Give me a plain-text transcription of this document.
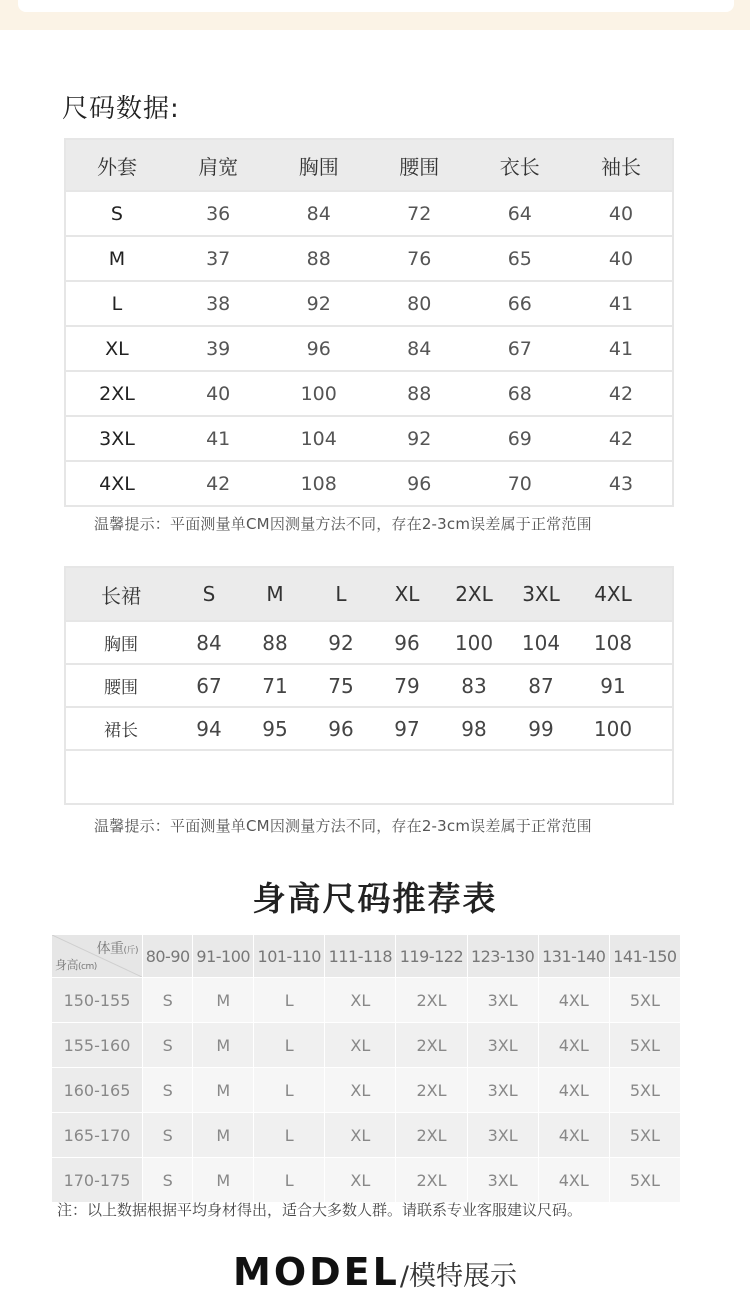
尺码数据:
外套	肩宽	胸围	腰围	衣长	袖长
S	36	84	72	64	40
M	37	88	76	65	40
L	38	92	80	66	41
XL	39	96	84	67	41
2XL	40	100	88	68	42
3XL	41	104	92	69	42
4XL	42	108	96	70	43
温馨提示：平面测量单CM因测量方法不同，存在2-3cm误差属于正常范围
长裙	S	M	L	XL	2XL	3XL	4XL	
胸围	84	88	92	96	100	104	108	
腰围	67	71	75	79	83	87	91	
裙长	94	95	96	97	98	99	100	

温馨提示：平面测量单CM因测量方法不同，存在2-3cm误差属于正常范围
身高尺码推荐表
体重(斤)
身高(cm)	80-90	91-100	101-110	111-118	119-122	123-130	131-140	141-150
150-155	S	M	L	XL	2XL	3XL	4XL	5XL
155-160	S	M	L	XL	2XL	3XL	4XL	5XL
160-165	S	M	L	XL	2XL	3XL	4XL	5XL
165-170	S	M	L	XL	2XL	3XL	4XL	5XL
170-175	S	M	L	XL	2XL	3XL	4XL	5XL
注：以上数据根据平均身材得出，适合大多数人群。请联系专业客服建议尺码。
MODEL/模特展示
